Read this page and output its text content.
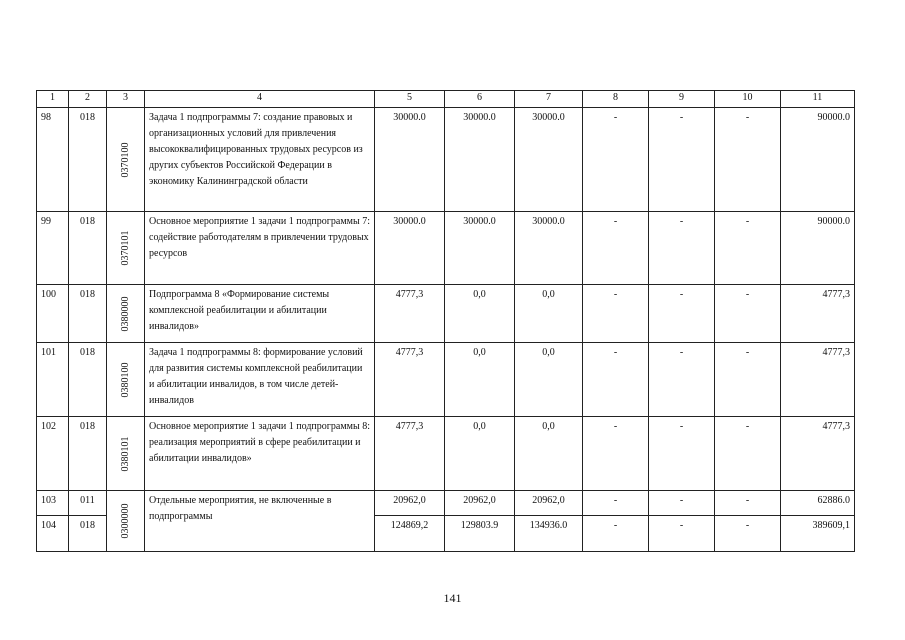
1	2	3	4	5	6	7	8	9	10	11
98	018	0370100	Задача 1 подпрограммы 7: создание правовых и организационных условий для привлечения высококвалифицированных трудовых ресурсов из других субъектов Российской Федерации в экономику Калининградской области	30000.0	30000.0	30000.0	-	-	-	90000.0
99	018	0370101	Основное мероприятие 1 задачи 1 подпрограммы 7: содействие работодателям в привлечении трудовых ресурсов	30000.0	30000.0	30000.0	-	-	-	90000.0
100	018	0380000	Подпрограмма 8 «Формирование системы комплексной реабилитации и абилитации инвалидов»	4777,3	0,0	0,0	-	-	-	4777,3
101	018	0380100	Задача 1 подпрограммы 8: формирование условий для развития системы комплексной реабилитации и абилитации инвалидов, в том числе детей-инвалидов	4777,3	0,0	0,0	-	-	-	4777,3
102	018	0380101	Основное мероприятие 1 задачи 1 подпрограммы 8: реализация мероприятий в сфере реабилитации и абилитации инвалидов»	4777,3	0,0	0,0	-	-	-	4777,3
103	011	0300000	Отдельные мероприятия, не включенные в подпрограммы	20962,0	20962,0	20962,0	-	-	-	62886.0
104	018			124869,2	129803.9	134936.0	-	-	-	389609,1
141
